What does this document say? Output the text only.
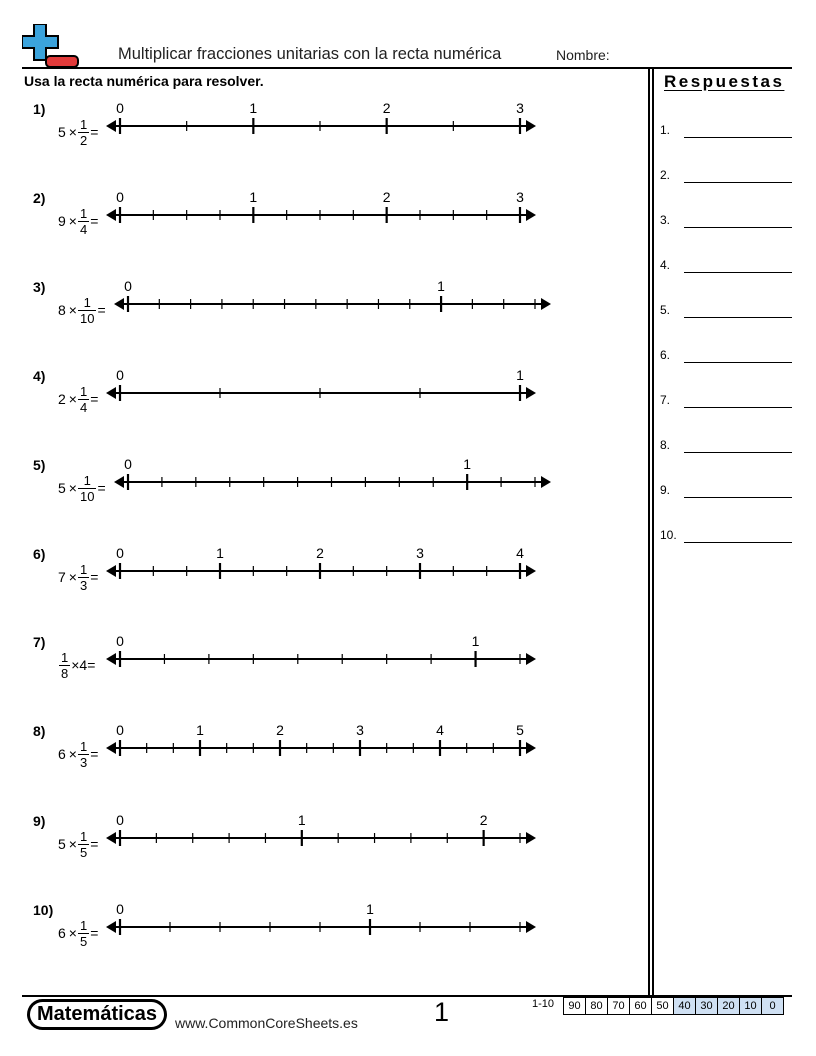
Multiplicar fracciones unitarias con la recta numérica	Nombre:
Usa la recta numérica para resolver.	Respuestas
1.
2.
3.
4.
5.
6.
7.
8.
9.
10.
1)
$5 \times \frac{1}{2}$ =
0	1	2	3
2)
$9 \times \frac{1}{4}$ =
0	1	2	3
3)
$8 \times \frac{1}{10}$ =
0	1
4)
$2 \times \frac{1}{4}$ =
0	1
5)
$5 \times \frac{1}{10}$ =
0	1
6)
$7 \times \frac{1}{3}$ =
0	1	2	3	4
7)
$\frac{1}{8} \times 4$ =
0	1
8)
$6 \times \frac{1}{3}$ =
0	1	2	3	4	5
9)
$5 \times \frac{1}{5}$ =
0	1	2
10)
$6 \times \frac{1}{5}$ =
0	1
Matemáticas	www.CommonCoreSheets.es	1	1-10	90 80 70 60 50 40 30 20 10	0
